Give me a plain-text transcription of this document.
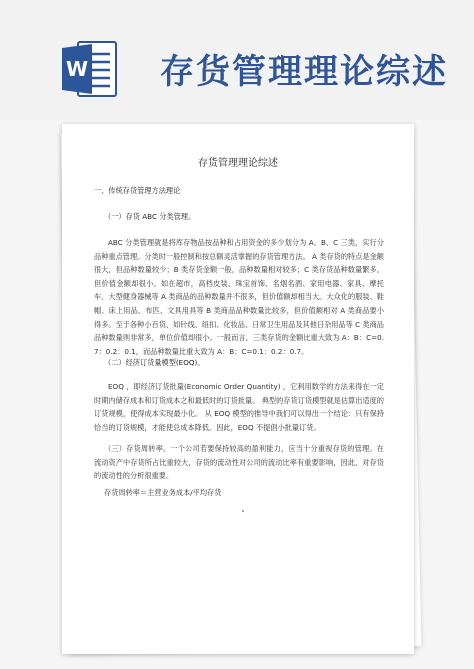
W 存货管理理论综述
存货管理理论综述
一、传统存货管理方法理论
（一）存货 ABC 分类管理。
ABC 分类管理就是将库存物品按品种和占用资金的多少划分为 A、B、C 三类，实行分品种重点管理。分类时一般控制和按总额灵活掌握的存货管理方法。 A 类存货的特点是金额很大，但品种数量较少；B 类存货金额一般，品种数量相对较多；C 类存货品种数量繁多，但价值金额却很小。如在超市，高档皮装、珠宝首饰、名烟名酒、家用电器、家具、摩托车、大型健身器械等 A 类商品的品种数量并不很多，但价值额却相当大。大众化的服装、鞋帽、床上用品、布匹、文具用具等 B 类商品品种数量比较多，但价值额相对 A 类商品要小得多。至于各种小百货、如针线、纽扣、化妆品、日常卫生用品及其他日杂用品等 C 类商品品种数量则非常多，单位价值却很小。一般而言，三类存货的金额比重大致为 A：B：C=0.7：0.2：0.1，而品种数量比重大致为 A：B：C=0.1：0.2：0.7。
（二）经济订货量模型(EOQ)。
EOQ ，即经济订货批量(Economic Order Quantity) ，它利用数学的方法来得在一定时期内储存成本和订货成本之和最低时的订货批量。 典型的存货订货模型就是估算出适度的订货规模，使得成本实现最小化。 从 EOQ 模型的推导中我们可以得出一个结论：只有保持恰当的订货规模，才能使总成本降低。因此，EOQ 不提倡小批量订货。
（三）存货周转率。一个公司若要保持较高的盈利能力，应当十分重视存货的管理。在流动资产中存货所占比重较大，存货的流动性对公司的流动比率有重要影响，因此，对存货的流动性的分析很重要。
存货周转率＝主营业务成本/平均存货
